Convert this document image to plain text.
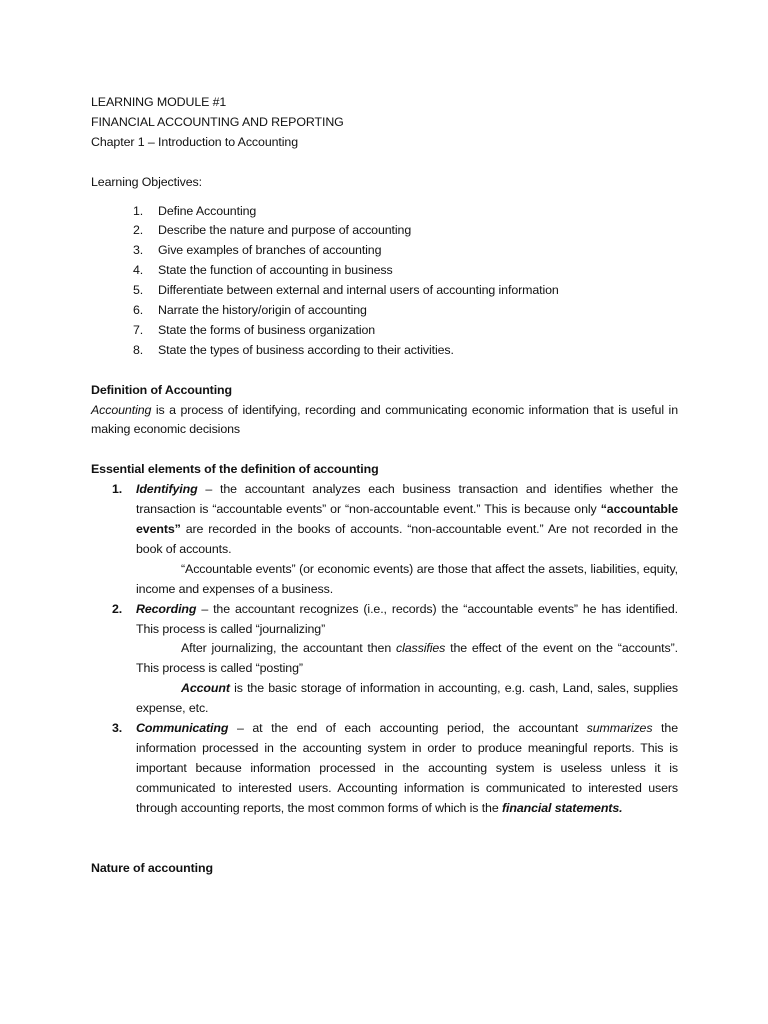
LEARNING MODULE #1
FINANCIAL ACCOUNTING AND REPORTING
Chapter 1 – Introduction to Accounting
Learning Objectives:
1. Define Accounting
2. Describe the nature and purpose of accounting
3. Give examples of branches of accounting
4. State the function of accounting in business
5. Differentiate between external and internal users of accounting information
6. Narrate the history/origin of accounting
7. State the forms of business organization
8. State the types of business according to their activities.
Definition of Accounting
Accounting is a process of identifying, recording and communicating economic information that is useful in making economic decisions
Essential elements of the definition of accounting
1. Identifying – the accountant analyzes each business transaction and identifies whether the transaction is “accountable events” or “non-accountable event.” This is because only “accountable events” are recorded in the books of accounts. “non-accountable event.” Are not recorded in the book of accounts.
“Accountable events” (or economic events) are those that affect the assets, liabilities, equity, income and expenses of a business.
2. Recording – the accountant recognizes (i.e., records) the “accountable events” he has identified. This process is called “journalizing”
After journalizing, the accountant then classifies the effect of the event on the “accounts”. This process is called “posting”
Account is the basic storage of information in accounting, e.g. cash, Land, sales, supplies expense, etc.
3. Communicating – at the end of each accounting period, the accountant summarizes the information processed in the accounting system in order to produce meaningful reports. This is important because information processed in the accounting system is useless unless it is communicated to interested users. Accounting information is communicated to interested users through accounting reports, the most common forms of which is the financial statements.
Nature of accounting
